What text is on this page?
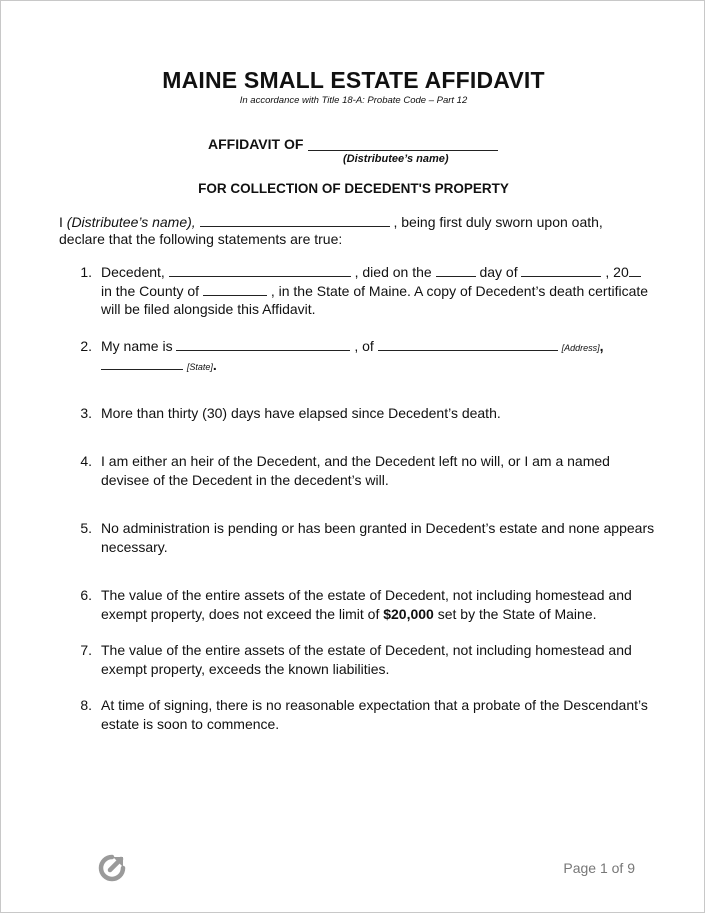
MAINE SMALL ESTATE AFFIDAVIT
In accordance with Title 18-A: Probate Code – Part 12
AFFIDAVIT OF
(Distributee’s name)
FOR COLLECTION OF DECEDENT'S PROPERTY
I (Distributee’s name),	, being first duly sworn upon oath,
declare that the following statements are true:
1. Decedent,	, died on the	day of	, 20
in the County of	, in the State of Maine. A copy of Decedent’s death certificate
will be filed alongside this Affidavit.
2. My name is	, of	[Address],
[State].
3. More than thirty (30) days have elapsed since Decedent’s death.
4. I am either an heir of the Decedent, and the Decedent left no will, or I am a named
devisee of the Decedent in the decedent’s will.
5. No administration is pending or has been granted in Decedent’s estate and none appears
necessary.
6. The value of the entire assets of the estate of Decedent, not including homestead and
exempt property, does not exceed the limit of $20,000 set by the State of Maine.
7. The value of the entire assets of the estate of Decedent, not including homestead and
exempt property, exceeds the known liabilities.
8. At time of signing, there is no reasonable expectation that a probate of the Descendant’s
estate is soon to commence.
Page 1 of 9
